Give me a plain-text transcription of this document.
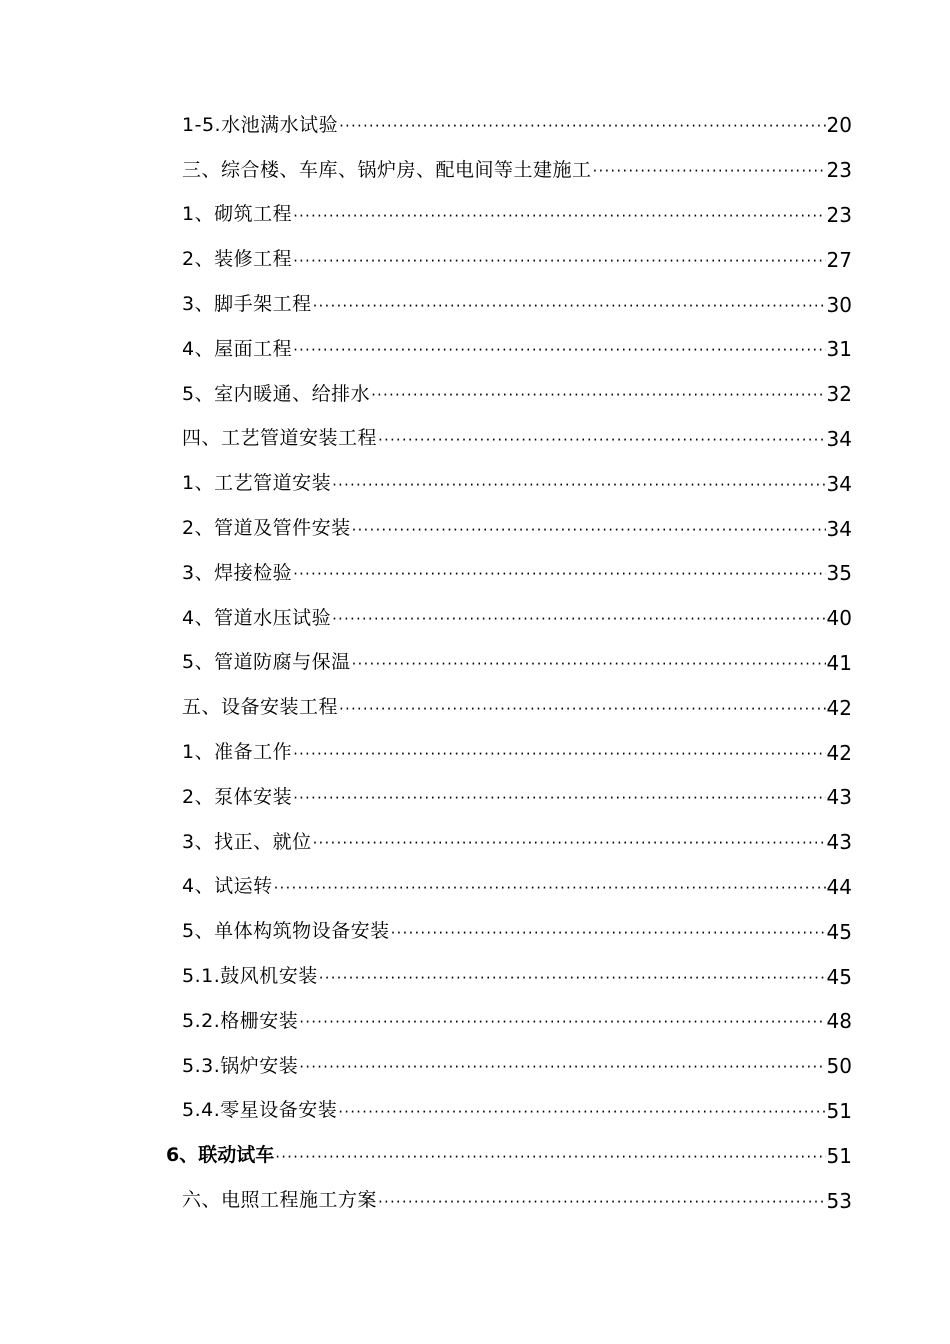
1-5.水池满水试验 ·····	20
三、综合楼、车库、锅炉房、配电间等土建施工 ·····	23
1、砌筑工程 ·····	23
2、装修工程 ·····	27
3、脚手架工程 ·····	30
4、屋面工程 ·····	31
5、室内暖通、给排水 ·····	32
四、工艺管道安装工程 ·····	34
1、工艺管道安装 ·····	34
2、管道及管件安装 ·····	34
3、焊接检验 ·····	35
4、管道水压试验 ·····	40
5、管道防腐与保温 ·····	41
五、设备安装工程 ·····	42
1、准备工作 ·····	42
2、泵体安装 ·····	43
3、找正、就位 ·····	43
4、试运转 ·····	44
5、单体构筑物设备安装 ·····	45
5.1.鼓风机安装 ·····	45
5.2.格栅安装 ·····	48
5.3.锅炉安装 ·····	50
5.4.零星设备安装 ·····	51
6、联动试车 ·····	51
六、电照工程施工方案 ·····	53
